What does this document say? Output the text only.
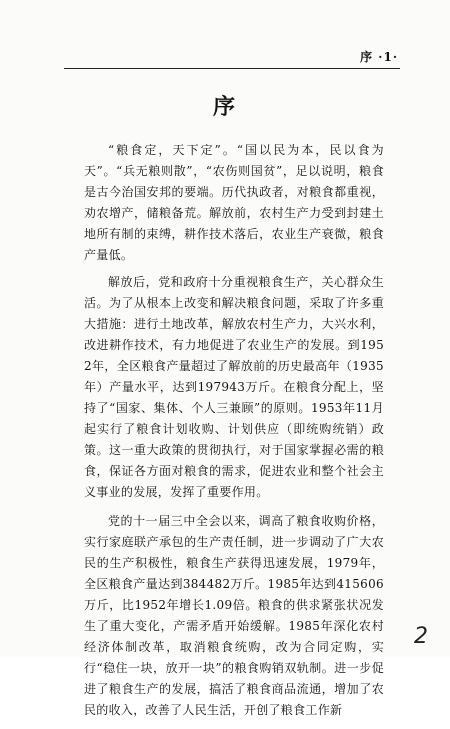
序 ·1·
序

“粮食定，天下定”。“国以民为本，民以食为天”。“兵无粮则散”，“农伤则国贫”，足以说明，粮食是古今治国安邦的要端。历代执政者，对粮食都重视，劝农增产，储粮备荒。解放前，农村生产力受到封建土地所有制的束缚，耕作技术落后，农业生产衰微，粮食产量低。

解放后，党和政府十分重视粮食生产，关心群众生活。为了从根本上改变和解决粮食问题，采取了许多重大措施：进行土地改革，解放农村生产力，大兴水利，改进耕作技术，有力地促进了农业生产的发展。到1952年，全区粮食产量超过了解放前的历史最高年（1935年）产量水平，达到197943万斤。在粮食分配上，坚持了“国家、集体、个人三兼顾”的原则。1953年11月起实行了粮食计划收购、计划供应（即统购统销）政策。这一重大政策的贯彻执行，对于国家掌握必需的粮食，保证各方面对粮食的需求，促进农业和整个社会主义事业的发展，发挥了重要作用。

党的十一届三中全会以来，调高了粮食收购价格，实行家庭联产承包的生产责任制，进一步调动了广大农民的生产积极性，粮食生产获得迅速发展，1979年，全区粮食产量达到384482万斤。1985年达到415606万斤，比1952年增长1.09倍。粮食的供求紧张状况发生了重大变化，产需矛盾开始缓解。1985年深化农村经济体制改革，取消粮食统购，改为合同定购，实行“稳住一块，放开一块”的粮食购销双轨制。进一步促进了粮食生产的发展，搞活了粮食商品流通，增加了农民的收入，改善了人民生活，开创了粮食工作新

2
